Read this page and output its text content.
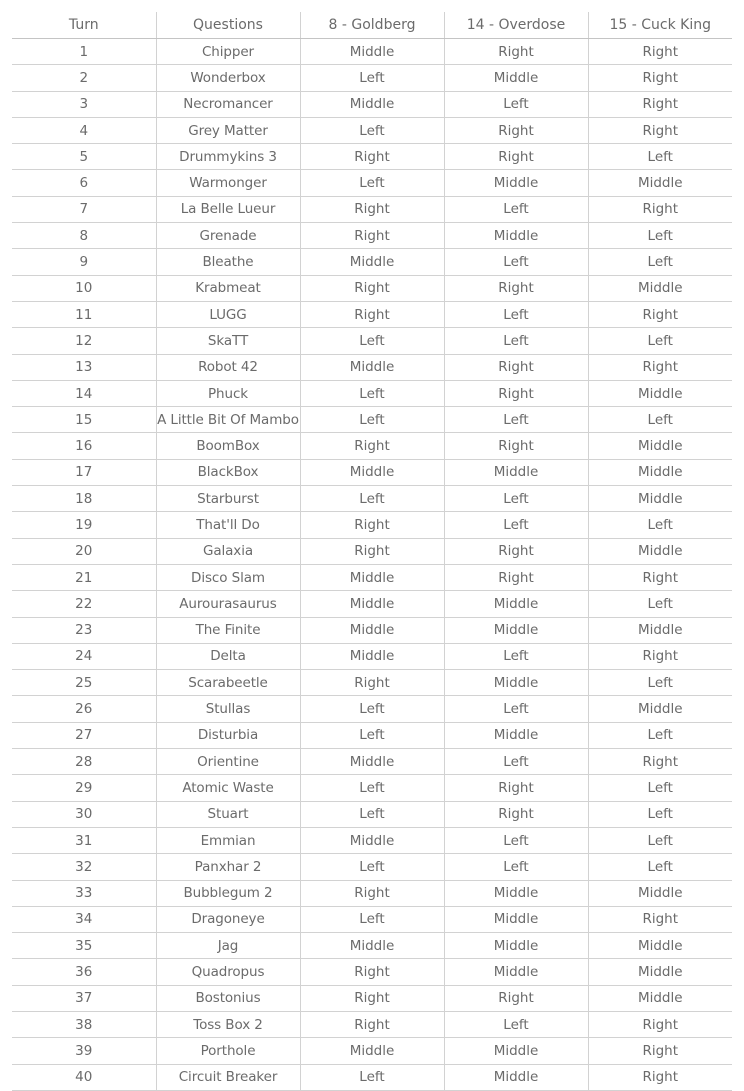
Turn	Questions	8 - Goldberg	14 - Overdose	15 - Cuck King
1	Chipper	Middle	Right	Right
2	Wonderbox	Left	Middle	Right
3	Necromancer	Middle	Left	Right
4	Grey Matter	Left	Right	Right
5	Drummykins 3	Right	Right	Left
6	Warmonger	Left	Middle	Middle
7	La Belle Lueur	Right	Left	Right
8	Grenade	Right	Middle	Left
9	Bleathe	Middle	Left	Left
10	Krabmeat	Right	Right	Middle
11	LUGG	Right	Left	Right
12	SkaTT	Left	Left	Left
13	Robot 42	Middle	Right	Right
14	Phuck	Left	Right	Middle
15	A Little Bit Of Mambo	Left	Left	Left
16	BoomBox	Right	Right	Middle
17	BlackBox	Middle	Middle	Middle
18	Starburst	Left	Left	Middle
19	That'll Do	Right	Left	Left
20	Galaxia	Right	Right	Middle
21	Disco Slam	Middle	Right	Right
22	Aurourasaurus	Middle	Middle	Left
23	The Finite	Middle	Middle	Middle
24	Delta	Middle	Left	Right
25	Scarabeetle	Right	Middle	Left
26	Stullas	Left	Left	Middle
27	Disturbia	Left	Middle	Left
28	Orientine	Middle	Left	Right
29	Atomic Waste	Left	Right	Left
30	Stuart	Left	Right	Left
31	Emmian	Middle	Left	Left
32	Panxhar 2	Left	Left	Left
33	Bubblegum 2	Right	Middle	Middle
34	Dragoneye	Left	Middle	Right
35	Jag	Middle	Middle	Middle
36	Quadropus	Right	Middle	Middle
37	Bostonius	Right	Right	Middle
38	Toss Box 2	Right	Left	Right
39	Porthole	Middle	Middle	Right
40	Circuit Breaker	Left	Middle	Right
